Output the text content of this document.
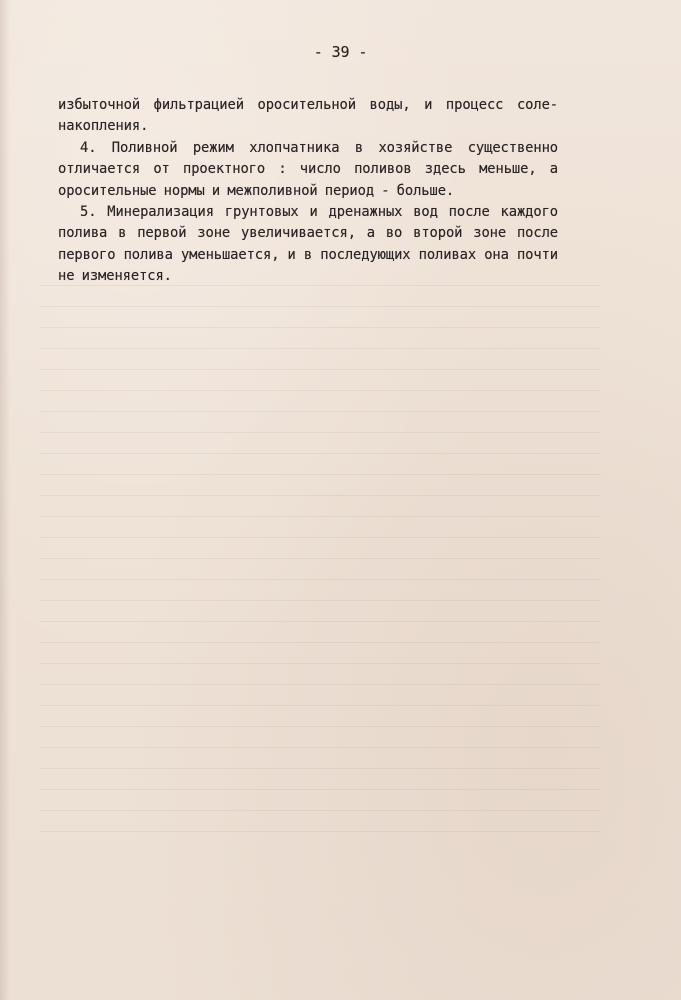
- 39 -
избыточной фильтрацией оросительной воды, и процесс соле-накопления.
4. Поливной режим хлопчатника в хозяйстве существенно отличается от проектного : число поливов здесь меньше, а оросительные нормы и межполивной период - больше.
5. Минерализация грунтовых и дренажных вод после каждого полива в первой зоне увеличивается, а во второй зоне после первого полива уменьшается, и в последующих поливах она почти не изменяется.
